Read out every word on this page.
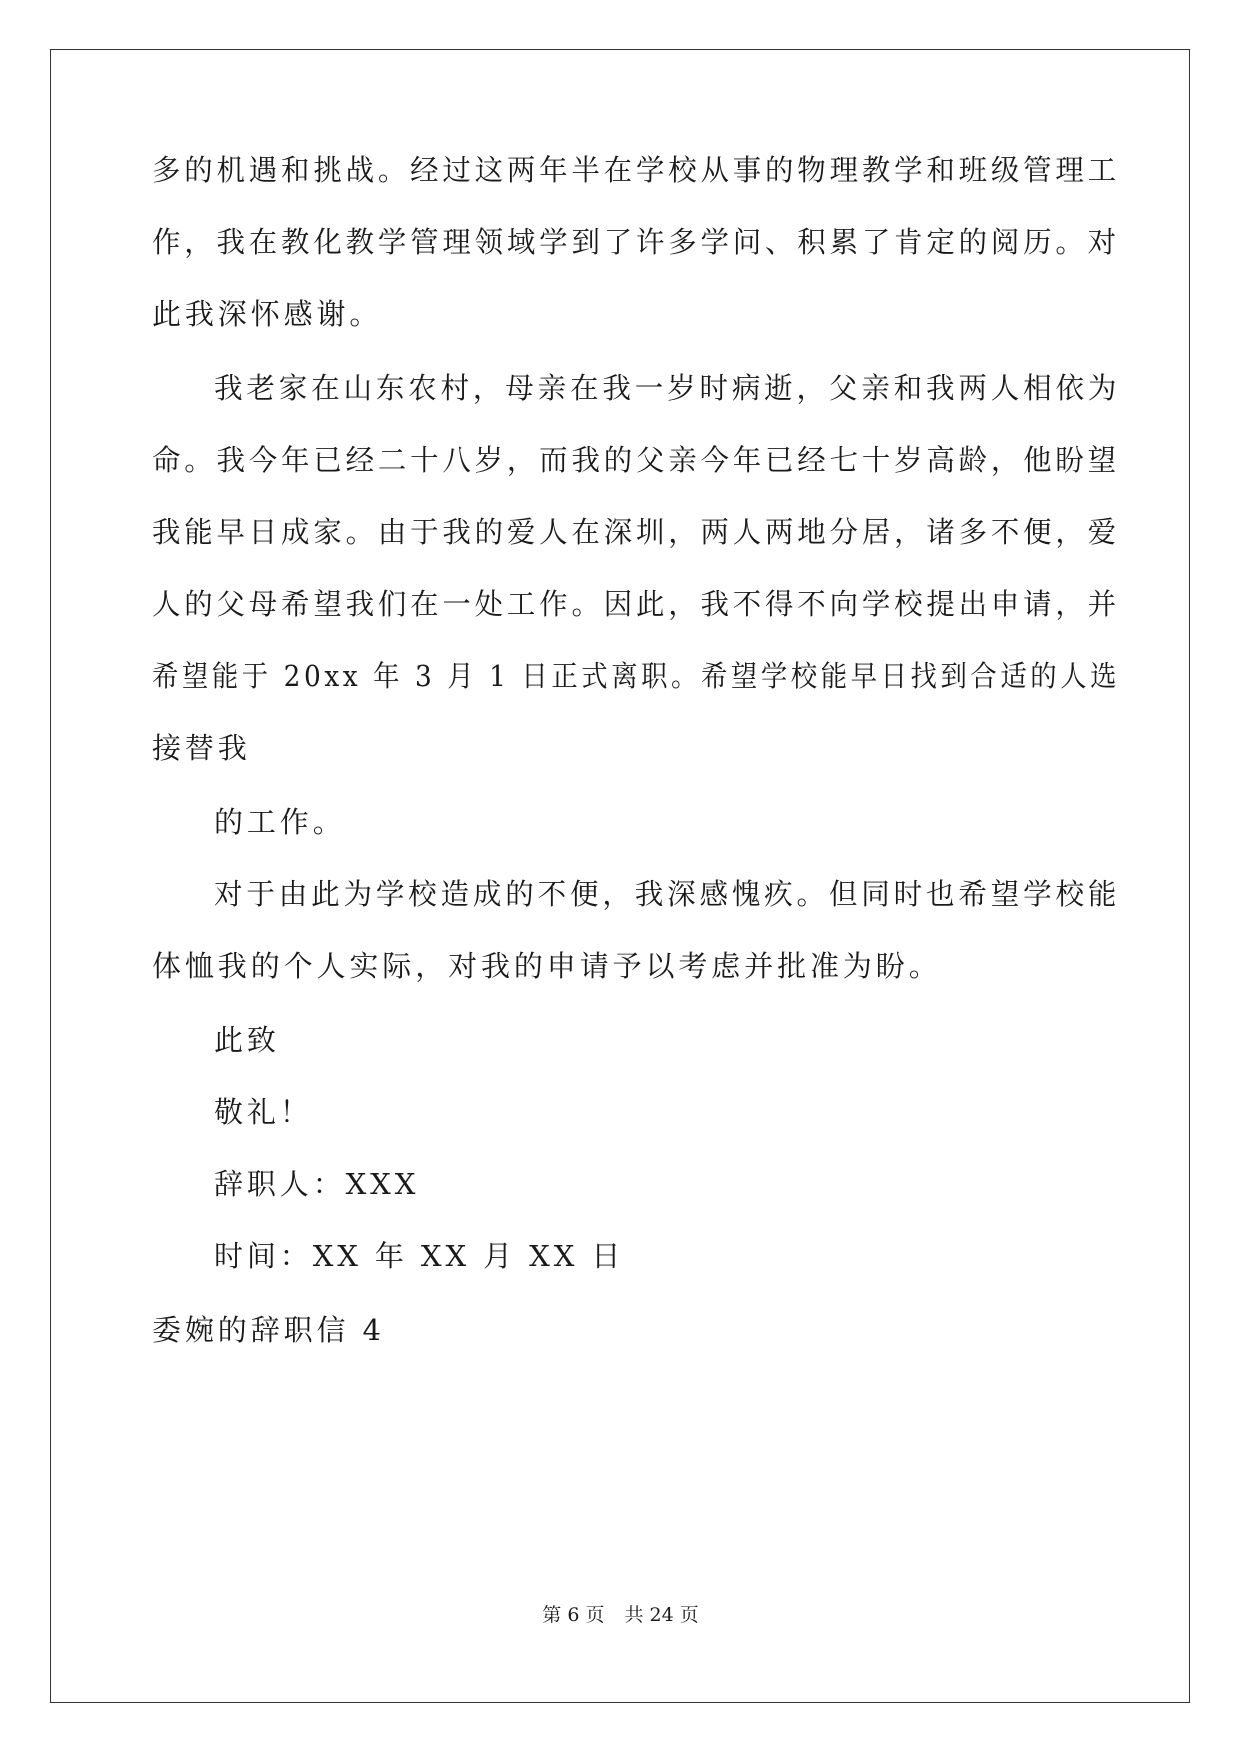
多的机遇和挑战。经过这两年半在学校从事的物理教学和班级管理工
作，我在教化教学管理领域学到了许多学问、积累了肯定的阅历。对
此我深怀感谢。
我老家在山东农村，母亲在我一岁时病逝，父亲和我两人相依为
命。我今年已经二十八岁，而我的父亲今年已经七十岁高龄，他盼望
我能早日成家。由于我的爱人在深圳，两人两地分居，诸多不便，爱
人的父母希望我们在一处工作。因此，我不得不向学校提出申请，并
希望能于 20xx 年 3 月 1 日正式离职。希望学校能早日找到合适的人选
接替我
的工作。
对于由此为学校造成的不便，我深感愧疚。但同时也希望学校能
体恤我的个人实际，对我的申请予以考虑并批准为盼。
此致
敬礼！
辞职人：XXX
时间：XX 年 XX 月 XX 日
委婉的辞职信 4
第 6 页 共 24 页
